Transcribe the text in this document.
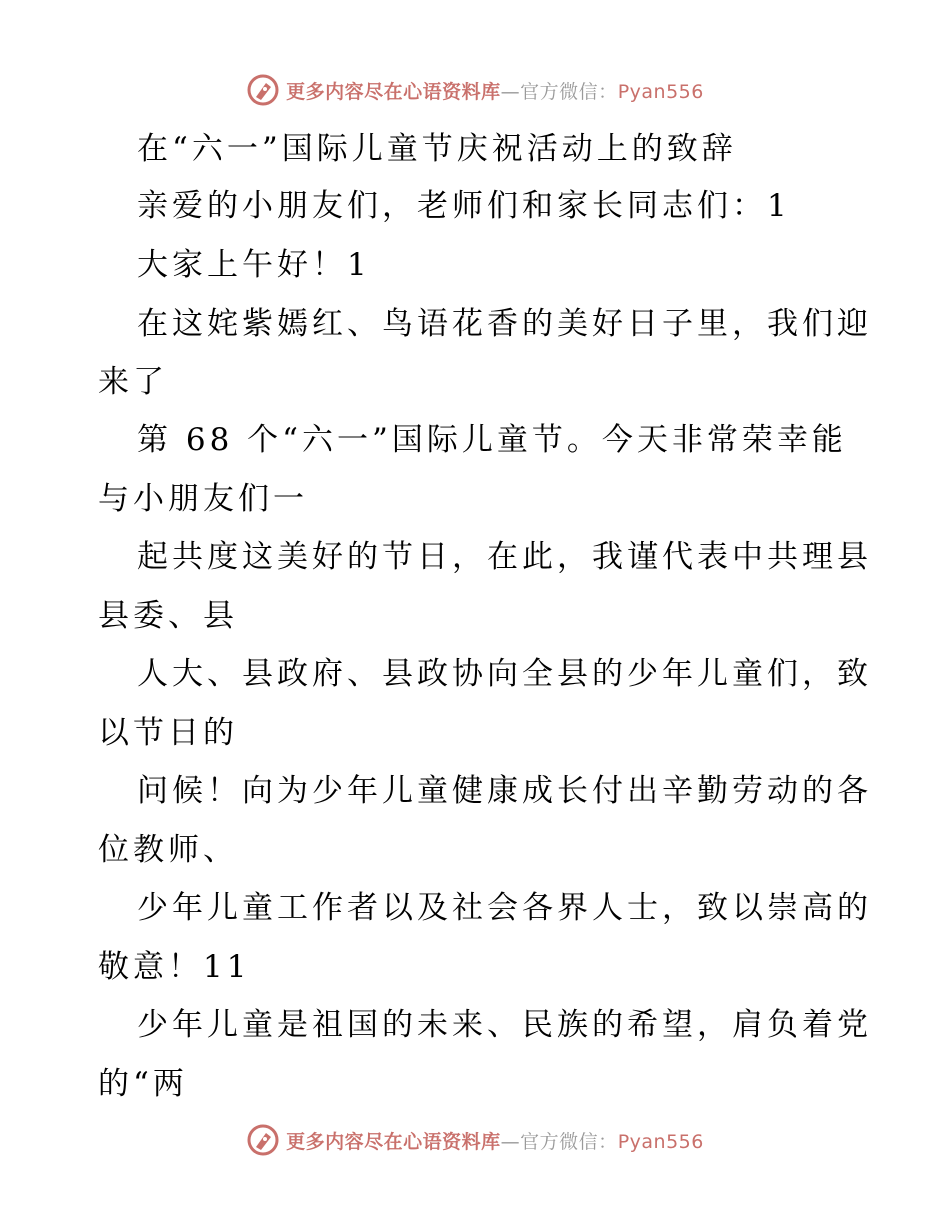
更多内容尽在心语资料库—官方微信：Pyan556
在“六一”国际儿童节庆祝活动上的致辞
亲爱的小朋友们，老师们和家长同志们：1
大家上午好！1
在这姹紫嫣红、鸟语花香的美好日子里，我们迎
来了
第 68 个“六一”国际儿童节。今天非常荣幸能
与小朋友们一
起共度这美好的节日，在此，我谨代表中共理县
县委、县
人大、县政府、县政协向全县的少年儿童们，致
以节日的
问候！向为少年儿童健康成长付出辛勤劳动的各
位教师、
少年儿童工作者以及社会各界人士，致以崇高的
敬意！11
少年儿童是祖国的未来、民族的希望，肩负着党
的“两
更多内容尽在心语资料库—官方微信：Pyan556
